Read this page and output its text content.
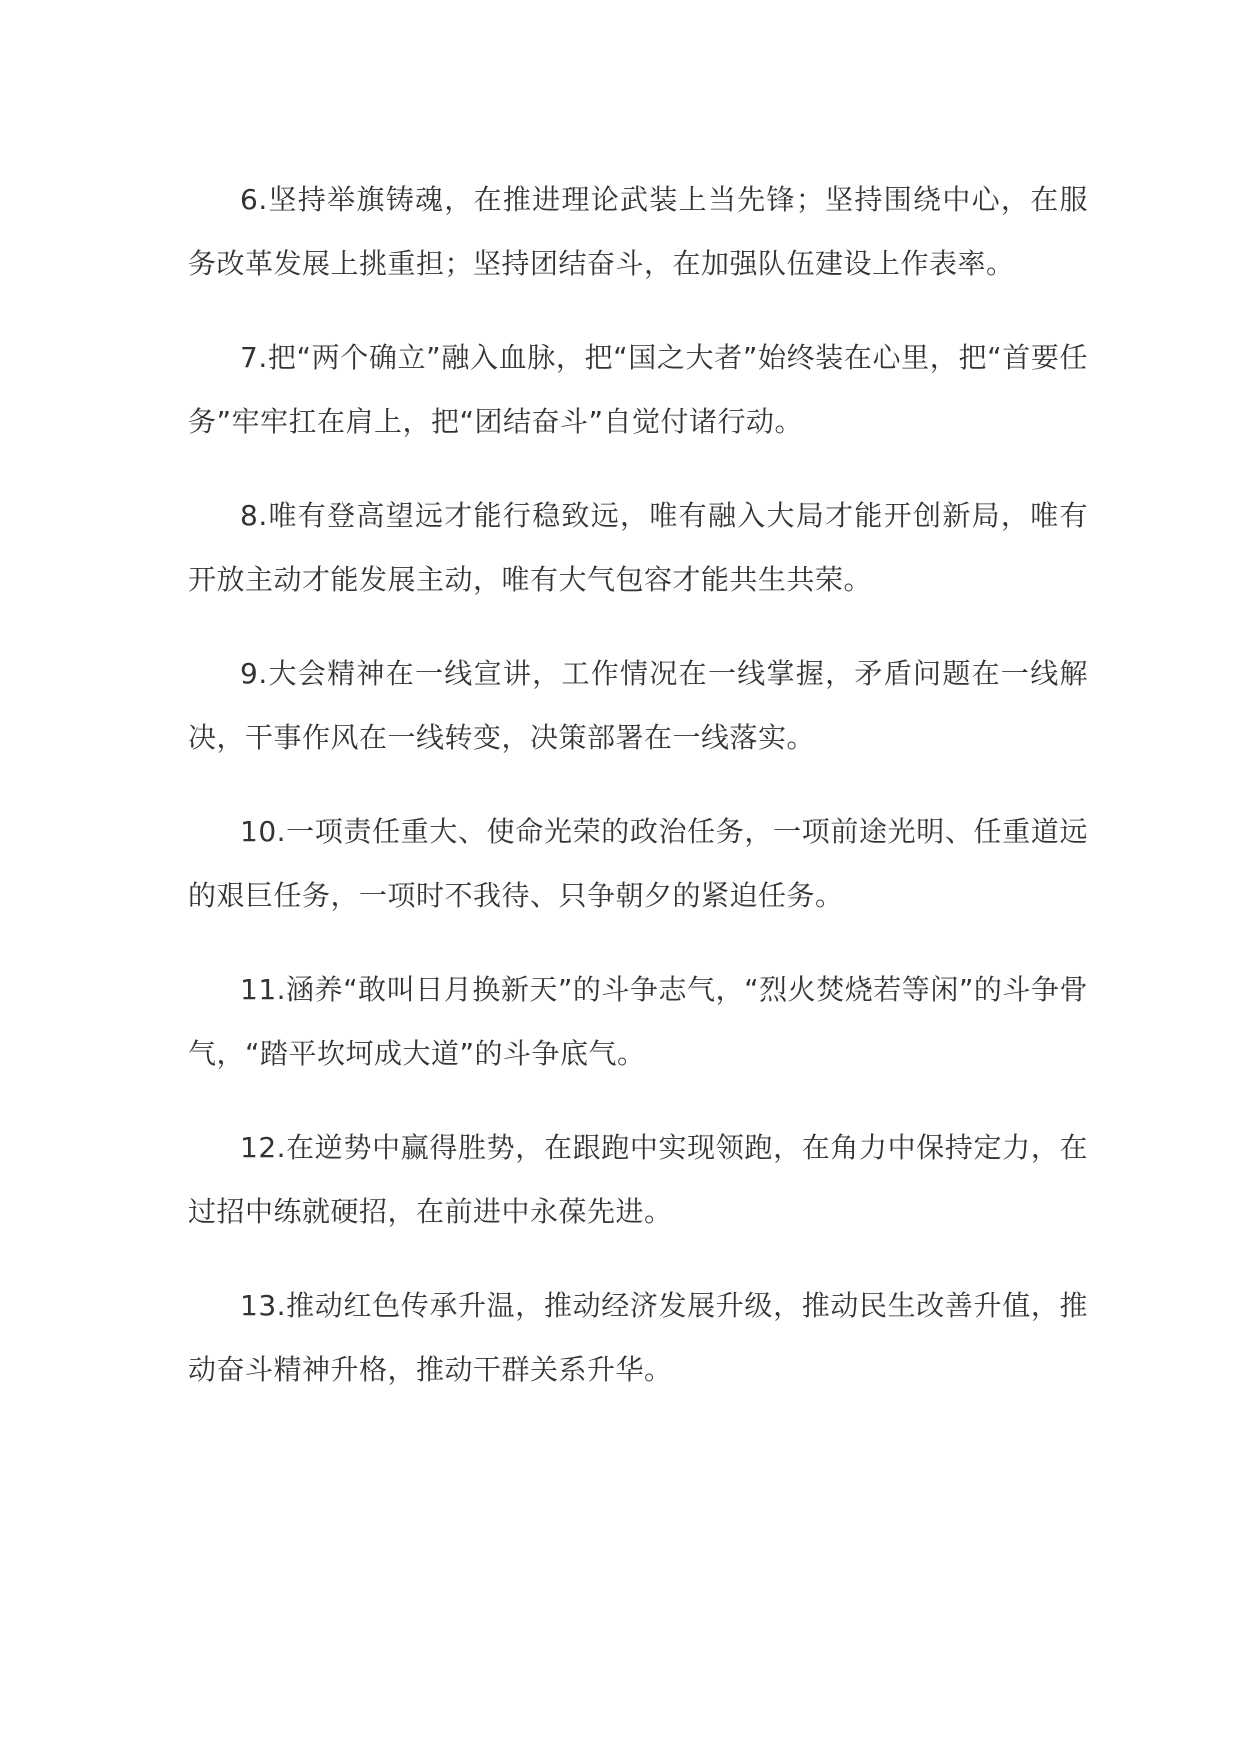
6.坚持举旗铸魂，在推进理论武装上当先锋；坚持围绕中心，在服务改革发展上挑重担；坚持团结奋斗，在加强队伍建设上作表率。

7.把“两个确立”融入血脉，把“国之大者”始终装在心里，把“首要任务”牢牢扛在肩上，把“团结奋斗”自觉付诸行动。

8.唯有登高望远才能行稳致远，唯有融入大局才能开创新局，唯有开放主动才能发展主动，唯有大气包容才能共生共荣。

9.大会精神在一线宣讲，工作情况在一线掌握，矛盾问题在一线解决，干事作风在一线转变，决策部署在一线落实。

10.一项责任重大、使命光荣的政治任务，一项前途光明、任重道远的艰巨任务，一项时不我待、只争朝夕的紧迫任务。

11.涵养“敢叫日月换新天”的斗争志气，“烈火焚烧若等闲”的斗争骨气，“踏平坎坷成大道”的斗争底气。

12.在逆势中赢得胜势，在跟跑中实现领跑，在角力中保持定力，在过招中练就硬招，在前进中永葆先进。

13.推动红色传承升温，推动经济发展升级，推动民生改善升值，推动奋斗精神升格，推动干群关系升华。
